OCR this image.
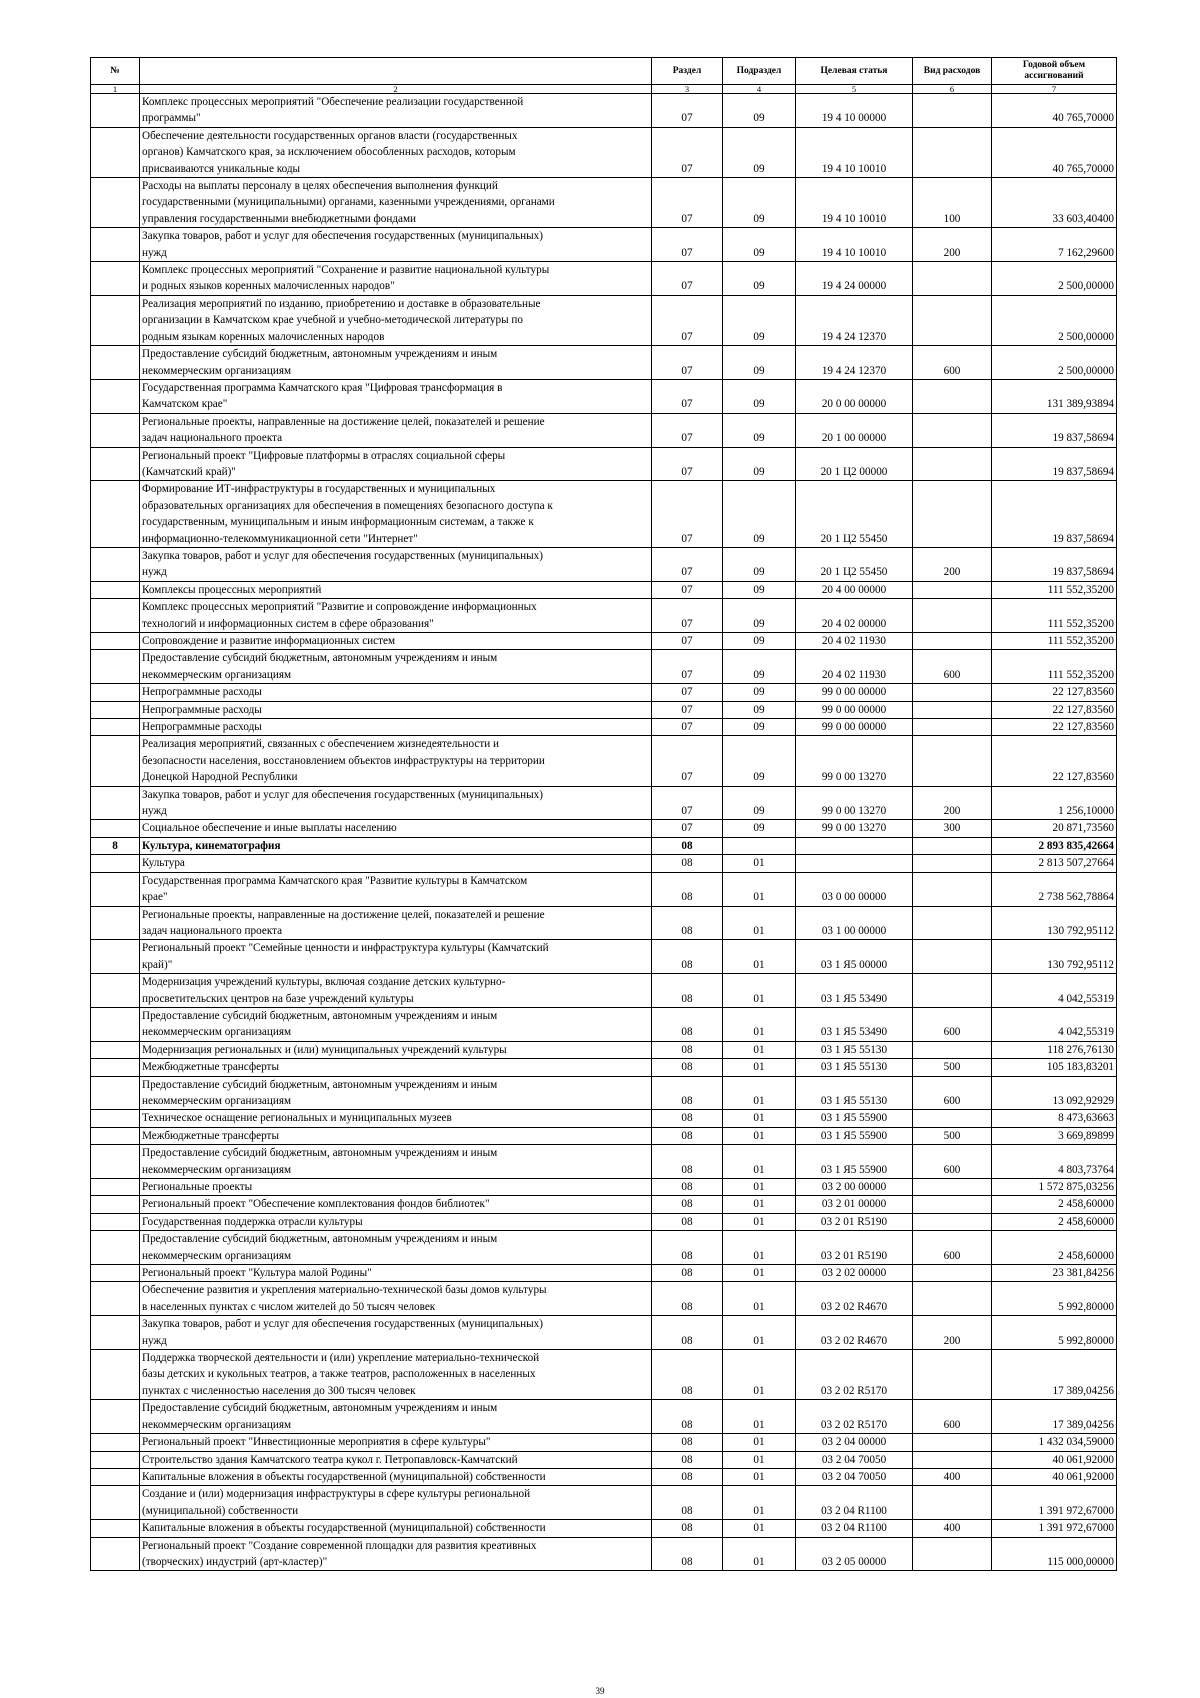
№		Раздел	Подраздел	Целевая статья	Вид расходов	Годовой объем ассигнований
1	2	3	4	5	6	7
	Комплекс процессных мероприятий "Обеспечение реализации государственной
программы"	07	09	19 4 10 00000		40 765,70000
	Обеспечение деятельности государственных органов власти (государственных
органов) Камчатского края, за исключением обособленных расходов, которым
присваиваются уникальные коды	07	09	19 4 10 10010		40 765,70000
	Расходы на выплаты персоналу в целях обеспечения выполнения функций
государственными (муниципальными) органами, казенными учреждениями, органами
управления государственными внебюджетными фондами	07	09	19 4 10 10010	100	33 603,40400
	Закупка товаров, работ и услуг для обеспечения государственных (муниципальных)
нужд	07	09	19 4 10 10010	200	7 162,29600
	Комплекс процессных мероприятий "Сохранение и развитие национальной культуры
и родных языков коренных малочисленных народов"	07	09	19 4 24 00000		2 500,00000
	Реализация мероприятий по изданию, приобретению и доставке в образовательные
организации в Камчатском крае учебной и учебно-методической литературы по
родным языкам коренных малочисленных народов	07	09	19 4 24 12370		2 500,00000
	Предоставление субсидий бюджетным, автономным учреждениям и иным
некоммерческим организациям	07	09	19 4 24 12370	600	2 500,00000
	Государственная программа Камчатского края "Цифровая трансформация в
Камчатском крае"	07	09	20 0 00 00000		131 389,93894
	Региональные проекты, направленные на достижение целей, показателей и решение
задач национального проекта	07	09	20 1 00 00000		19 837,58694
	Региональный проект "Цифровые платформы в отраслях социальной сферы
(Камчатский край)"	07	09	20 1 Ц2 00000		19 837,58694
	Формирование ИТ-инфраструктуры в государственных и муниципальных
образовательных организациях для обеспечения в помещениях безопасного доступа к
государственным, муниципальным и иным информационным системам, а также к
информационно-телекоммуникационной сети "Интернет"	07	09	20 1 Ц2 55450		19 837,58694
	Закупка товаров, работ и услуг для обеспечения государственных (муниципальных)
нужд	07	09	20 1 Ц2 55450	200	19 837,58694
	Комплексы процессных мероприятий	07	09	20 4 00 00000		111 552,35200
	Комплекс процессных мероприятий "Развитие и сопровождение информационных
технологий и информационных систем в сфере образования"	07	09	20 4 02 00000		111 552,35200
	Сопровождение и развитие информационных систем	07	09	20 4 02 11930		111 552,35200
	Предоставление субсидий бюджетным, автономным учреждениям и иным
некоммерческим организациям	07	09	20 4 02 11930	600	111 552,35200
	Непрограммные расходы	07	09	99 0 00 00000		22 127,83560
	Непрограммные расходы	07	09	99 0 00 00000		22 127,83560
	Непрограммные расходы	07	09	99 0 00 00000		22 127,83560
	Реализация мероприятий, связанных с обеспечением жизнедеятельности и
безопасности населения, восстановлением объектов инфраструктуры на территории
Донецкой Народной Республики	07	09	99 0 00 13270		22 127,83560
	Закупка товаров, работ и услуг для обеспечения государственных (муниципальных)
нужд	07	09	99 0 00 13270	200	1 256,10000
	Социальное обеспечение и иные выплаты населению	07	09	99 0 00 13270	300	20 871,73560
8	Культура, кинематография	08				2 893 835,42664
	Культура	08	01			2 813 507,27664
	Государственная программа Камчатского края "Развитие культуры в Камчатском
крае"	08	01	03 0 00 00000		2 738 562,78864
	Региональные проекты, направленные на достижение целей, показателей и решение
задач национального проекта	08	01	03 1 00 00000		130 792,95112
	Региональный проект "Семейные ценности и инфраструктура культуры (Камчатский
край)"	08	01	03 1 Я5 00000		130 792,95112
	Модернизация учреждений культуры, включая создание детских культурно-
просветительских центров на базе учреждений культуры	08	01	03 1 Я5 53490		4 042,55319
	Предоставление субсидий бюджетным, автономным учреждениям и иным
некоммерческим организациям	08	01	03 1 Я5 53490	600	4 042,55319
	Модернизация региональных и (или) муниципальных учреждений культуры	08	01	03 1 Я5 55130		118 276,76130
	Межбюджетные трансферты	08	01	03 1 Я5 55130	500	105 183,83201
	Предоставление субсидий бюджетным, автономным учреждениям и иным
некоммерческим организациям	08	01	03 1 Я5 55130	600	13 092,92929
	Техническое оснащение региональных и муниципальных музеев	08	01	03 1 Я5 55900		8 473,63663
	Межбюджетные трансферты	08	01	03 1 Я5 55900	500	3 669,89899
	Предоставление субсидий бюджетным, автономным учреждениям и иным
некоммерческим организациям	08	01	03 1 Я5 55900	600	4 803,73764
	Региональные проекты	08	01	03 2 00 00000		1 572 875,03256
	Региональный проект "Обеспечение комплектования фондов библиотек"	08	01	03 2 01 00000		2 458,60000
	Государственная поддержка отрасли культуры	08	01	03 2 01 R5190		2 458,60000
	Предоставление субсидий бюджетным, автономным учреждениям и иным
некоммерческим организациям	08	01	03 2 01 R5190	600	2 458,60000
	Региональный проект "Культура малой Родины"	08	01	03 2 02 00000		23 381,84256
	Обеспечение развития и укрепления материально-технической базы домов культуры
в населенных пунктах с числом жителей до 50 тысяч человек	08	01	03 2 02 R4670		5 992,80000
	Закупка товаров, работ и услуг для обеспечения государственных (муниципальных)
нужд	08	01	03 2 02 R4670	200	5 992,80000
	Поддержка творческой деятельности и (или) укрепление материально-технической
базы детских и кукольных театров, а также театров, расположенных в населенных
пунктах с численностью населения до 300 тысяч человек	08	01	03 2 02 R5170		17 389,04256
	Предоставление субсидий бюджетным, автономным учреждениям и иным
некоммерческим организациям	08	01	03 2 02 R5170	600	17 389,04256
	Региональный проект "Инвестиционные мероприятия в сфере культуры"	08	01	03 2 04 00000		1 432 034,59000
	Строительство здания Камчатского театра кукол г. Петропавловск-Камчатский	08	01	03 2 04 70050		40 061,92000
	Капитальные вложения в объекты государственной (муниципальной) собственности	08	01	03 2 04 70050	400	40 061,92000
	Создание и (или) модернизация инфраструктуры в сфере культуры региональной
(муниципальной) собственности	08	01	03 2 04 R1100		1 391 972,67000
	Капитальные вложения в объекты государственной (муниципальной) собственности	08	01	03 2 04 R1100	400	1 391 972,67000
	Региональный проект "Создание современной площадки для развития креативных
(творческих) индустрий (арт-кластер)"	08	01	03 2 05 00000		115 000,00000
39
